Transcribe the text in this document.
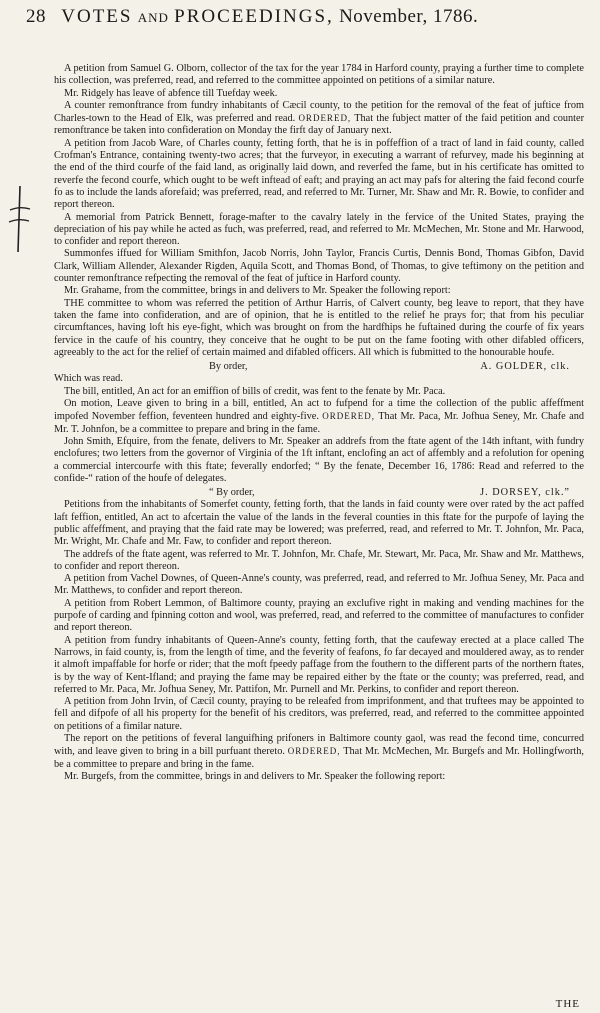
28 VOTES AND PROCEEDINGS, November, 1786.

A petition from Samuel G. Olborn, collector of the tax for the year 1784 in Harford county, praying a further time to complete his collection, was preferred, read, and referred to the committee appointed on petitions of a similar nature.

Mr. Ridgely has leave of abfence till Tuefday week.

A counter remonftrance from fundry inhabitants of Cæcil county, to the petition for the removal of the feat of juftice from Charles-town to the Head of Elk, was preferred and read. ORDERED, That the fubject matter of the faid petition and counter remonftrance be taken into confideration on Monday the firft day of January next.

A petition from Jacob Ware, of Charles county, fetting forth, that he is in poffeffion of a tract of land in faid county, called Crofman's Entrance, containing twenty-two acres; that the furveyor, in executing a warrant of refurvey, made his beginning at the end of the third courfe of the faid land, as originally laid down, and reverfed the fame, but in his certificate has omitted to reverfe the fecond courfe, which ought to be weft inftead of eaft; and praying an act may pafs for altering the faid fecond courfe fo as to include the lands aforefaid; was preferred, read, and referred to Mr. Turner, Mr. Shaw and Mr. R. Bowie, to confider and report thereon.

A memorial from Patrick Bennett, forage-mafter to the cavalry lately in the fervice of the United States, praying the depreciation of his pay while he acted as fuch, was preferred, read, and referred to Mr. McMechen, Mr. Stone and Mr. Harwood, to confider and report thereon.

Summonfes iffued for William Smithfon, Jacob Norris, John Taylor, Francis Curtis, Dennis Bond, Thomas Gibfon, David Clark, William Allender, Alexander Rigden, Aquila Scott, and Thomas Bond, of Thomas, to give teftimony on the petition and counter remonftrance refpecting the removal of the feat of juftice in Harford county.

Mr. Grahame, from the committee, brings in and delivers to Mr. Speaker the following report:

THE committee to whom was referred the petition of Arthur Harris, of Calvert county, beg leave to report, that they have taken the fame into confideration, and are of opinion, that he is entitled to the relief he prays for; that from his peculiar circumftances, having loft his eye-fight, which was brought on from the hardfhips he fuftained during the courfe of fix years fervice in the caufe of his country, they conceive that he ought to be put on the fame footing with other difabled officers, agreeably to the act for the relief of certain maimed and difabled officers. All which is fubmitted to the honourable houfe.

By order,	A. GOLDER, clk.

Which was read.

The bill, entitled, An act for an emiffion of bills of credit, was fent to the fenate by Mr. Paca.

On motion, Leave given to bring in a bill, entitled, An act to fufpend for a time the collection of the public affeffment impofed November feffion, feventeen hundred and eighty-five. ORDERED, That Mr. Paca, Mr. Jofhua Seney, Mr. Chafe and Mr. T. Johnfon, be a committee to prepare and bring in the fame.

John Smith, Efquire, from the fenate, delivers to Mr. Speaker an addrefs from the ftate agent of the 14th inftant, with fundry enclofures; two letters from the governor of Virginia of the 1ft inftant, enclofing an act of affembly and a refolution for opening a commercial intercourfe with this ftate; feverally endorfed; “ By the fenate, December 16, 1786: Read and referred to the confide-“ ration of the houfe of delegates.

“ By order,	J. DORSEY, clk.”

Petitions from the inhabitants of Somerfet county, fetting forth, that the lands in faid county were over rated by the act paffed laft feffion, entitled, An act to afcertain the value of the lands in the feveral counties in this ftate for the purpofe of laying the public affeffment, and praying that the faid rate may be lowered; was preferred, read, and referred to Mr. T. Johnfon, Mr. Paca, Mr. Wright, Mr. Chafe and Mr. Faw, to confider and report thereon.

The addrefs of the ftate agent, was referred to Mr. T. Johnfon, Mr. Chafe, Mr. Stewart, Mr. Paca, Mr. Shaw and Mr. Matthews, to confider and report thereon.

A petition from Vachel Downes, of Queen-Anne's county, was preferred, read, and referred to Mr. Jofhua Seney, Mr. Paca and Mr. Matthews, to confider and report thereon.

A petition from Robert Lemmon, of Baltimore county, praying an exclufive right in making and vending machines for the purpofe of carding and fpinning cotton and wool, was preferred, read, and referred to the committee of manufactures to confider and report thereon.

A petition from fundry inhabitants of Queen-Anne's county, fetting forth, that the caufeway erected at a place called The Narrows, in faid county, is, from the length of time, and the feverity of feafons, fo far decayed and mouldered away, as to render it almoft impaffable for horfe or rider; that the moft fpeedy paffage from the fouthern to the different parts of the northern ftates, is by the way of Kent-Ifland; and praying the fame may be repaired either by the ftate or the county; was preferred, read, and referred to Mr. Paca, Mr. Jofhua Seney, Mr. Pattifon, Mr. Purnell and Mr. Perkins, to confider and report thereon.

A petition from John Irvin, of Cæcil county, praying to be releafed from imprifonment, and that truftees may be appointed to fell and difpofe of all his property for the benefit of his creditors, was preferred, read, and referred to the committee appointed on petitions of a fimilar nature.

The report on the petitions of feveral languifhing prifoners in Baltimore county gaol, was read the fecond time, concurred with, and leave given to bring in a bill purfuant thereto. ORDERED, That Mr. McMechen, Mr. Burgefs and Mr. Hollingfworth, be a committee to prepare and bring in the fame.

Mr. Burgefs, from the committee, brings in and delivers to Mr. Speaker the following report:

THE
